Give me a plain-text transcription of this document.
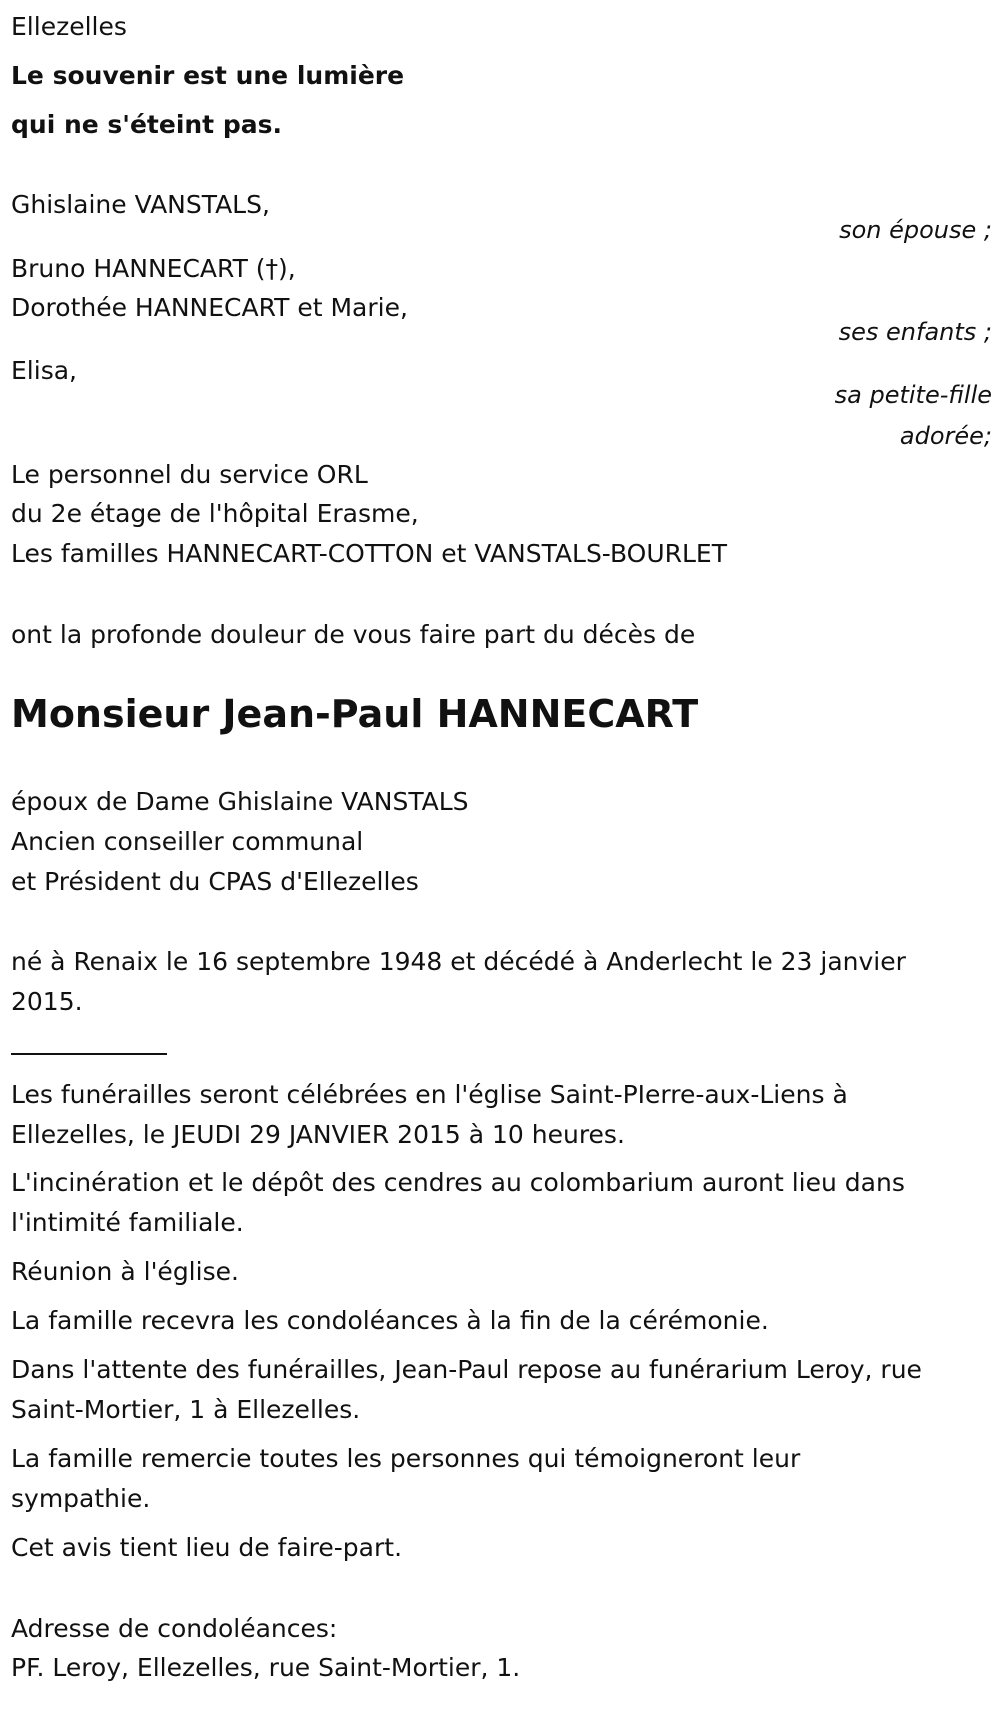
Ellezelles
Le souvenir est une lumière
qui ne s'éteint pas.
Ghislaine VANSTALS,
son épouse ;
Bruno HANNECART (†),
Dorothée HANNECART et Marie,
ses enfants ;
Elisa,
sa petite-fille
adorée;
Le personnel du service ORL
du 2e étage de l'hôpital Erasme,
Les familles HANNECART-COTTON et VANSTALS-BOURLET
ont la profonde douleur de vous faire part du décès de
Monsieur Jean-Paul HANNECART
époux de Dame Ghislaine VANSTALS
Ancien conseiller communal
et Président du CPAS d'Ellezelles
né à Renaix le 16 septembre 1948 et décédé à Anderlecht le 23 janvier
2015.
Les funérailles seront célébrées en l'église Saint-PIerre-aux-Liens à
Ellezelles, le JEUDI 29 JANVIER 2015 à 10 heures.
L'incinération et le dépôt des cendres au colombarium auront lieu dans
l'intimité familiale.
Réunion à l'église.
La famille recevra les condoléances à la fin de la cérémonie.
Dans l'attente des funérailles, Jean-Paul repose au funérarium Leroy, rue
Saint-Mortier, 1 à Ellezelles.
La famille remercie toutes les personnes qui témoigneront leur
sympathie.
Cet avis tient lieu de faire-part.
Adresse de condoléances:
PF. Leroy, Ellezelles, rue Saint-Mortier, 1.
